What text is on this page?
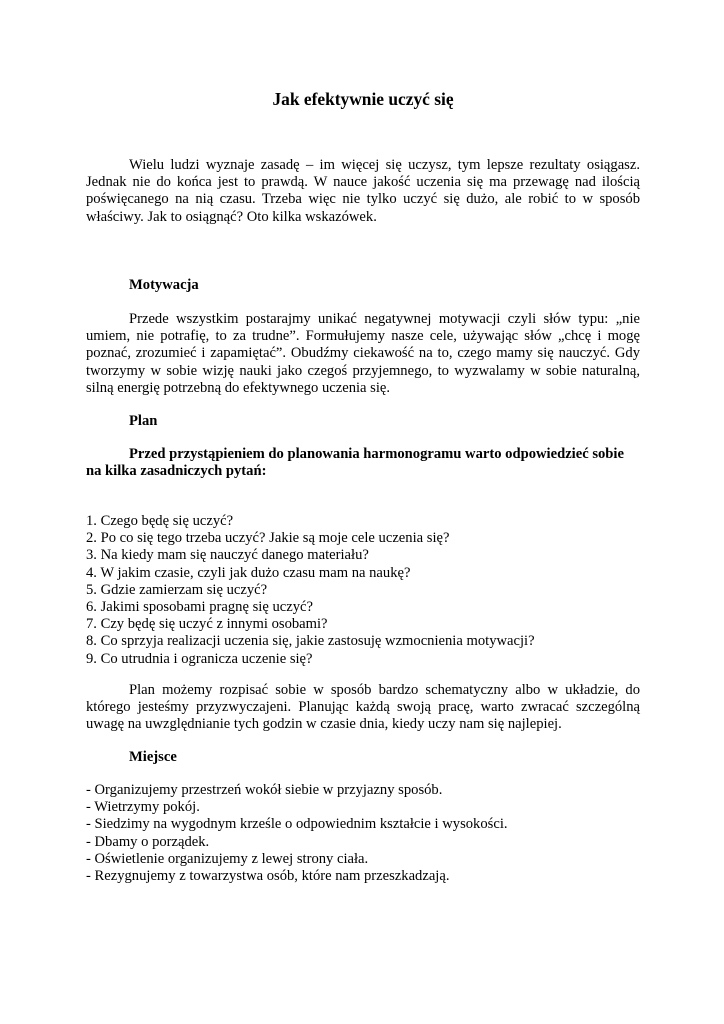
Jak efektywnie uczyć się

Wielu ludzi wyznaje zasadę – im więcej się uczysz, tym lepsze rezultaty osiągasz. Jednak nie do końca jest to prawdą. W nauce jakość uczenia się ma przewagę nad ilością poświęcanego na nią czasu. Trzeba więc nie tylko uczyć się dużo, ale robić to w sposób właściwy. Jak to osiągnąć? Oto kilka wskazówek.

Motywacja

Przede wszystkim postarajmy unikać negatywnej motywacji czyli słów typu: „nie umiem, nie potrafię, to za trudne”. Formułujemy nasze cele, używając słów „chcę i mogę poznać, zrozumieć i zapamiętać”. Obudźmy ciekawość na to, czego mamy się nauczyć. Gdy tworzymy w sobie wizję nauki jako czegoś przyjemnego, to wyzwalamy w sobie naturalną, silną energię potrzebną do efektywnego uczenia się.

Plan

Przed przystąpieniem do planowania harmonogramu warto odpowiedzieć sobie na kilka zasadniczych pytań:

1. Czego będę się uczyć?
2. Po co się tego trzeba uczyć? Jakie są moje cele uczenia się?
3. Na kiedy mam się nauczyć danego materiału?
4. W jakim czasie, czyli jak dużo czasu mam na naukę?
5. Gdzie zamierzam się uczyć?
6. Jakimi sposobami pragnę się uczyć?
7. Czy będę się uczyć z innymi osobami?
8. Co sprzyja realizacji uczenia się, jakie zastosuję wzmocnienia motywacji?
9. Co utrudnia i ogranicza uczenie się?

Plan możemy rozpisać sobie w sposób bardzo schematyczny albo w układzie, do którego jesteśmy przyzwyczajeni. Planując każdą swoją pracę, warto zwracać szczególną uwagę na uwzględnianie tych godzin w czasie dnia, kiedy uczy nam się najlepiej.

Miejsce

- Organizujemy przestrzeń wokół siebie w przyjazny sposób.
- Wietrzymy pokój.
- Siedzimy na wygodnym krześle o odpowiednim kształcie i wysokości.
- Dbamy o porządek.
- Oświetlenie organizujemy z lewej strony ciała.
- Rezygnujemy z towarzystwa osób, które nam przeszkadzają.
